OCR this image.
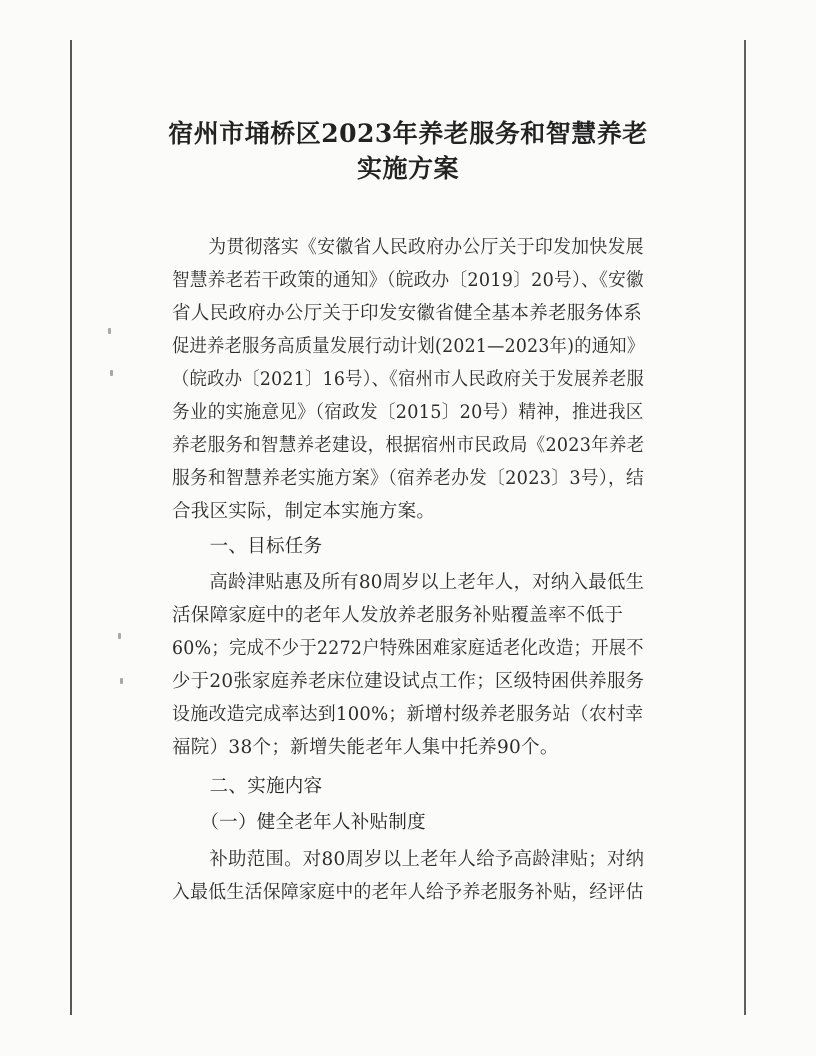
宿州市埇桥区2023年养老服务和智慧养老
实施方案
　　为贯彻落实《安徽省人民政府办公厅关于印发加快发展
智慧养老若干政策的通知》（皖政办〔2019〕20号）、《安徽
省人民政府办公厅关于印发安徽省健全基本养老服务体系
促进养老服务高质量发展行动计划(2021—2023年)的通知》
（皖政办〔2021〕16号）、《宿州市人民政府关于发展养老服
务业的实施意见》（宿政发〔2015〕20号）精神，推进我区
养老服务和智慧养老建设，根据宿州市民政局《2023年养老
服务和智慧养老实施方案》（宿养老办发〔2023〕3号），结
合我区实际，制定本实施方案。
　　一、目标任务
　　高龄津贴惠及所有80周岁以上老年人，对纳入最低生
活保障家庭中的老年人发放养老服务补贴覆盖率不低于
60%；完成不少于2272户特殊困难家庭适老化改造；开展不
少于20张家庭养老床位建设试点工作；区级特困供养服务
设施改造完成率达到100%；新增村级养老服务站（农村幸
福院）38个；新增失能老年人集中托养90个。
　　二、实施内容
　　（一）健全老年人补贴制度
　　补助范围。对80周岁以上老年人给予高龄津贴；对纳
入最低生活保障家庭中的老年人给予养老服务补贴，经评估
